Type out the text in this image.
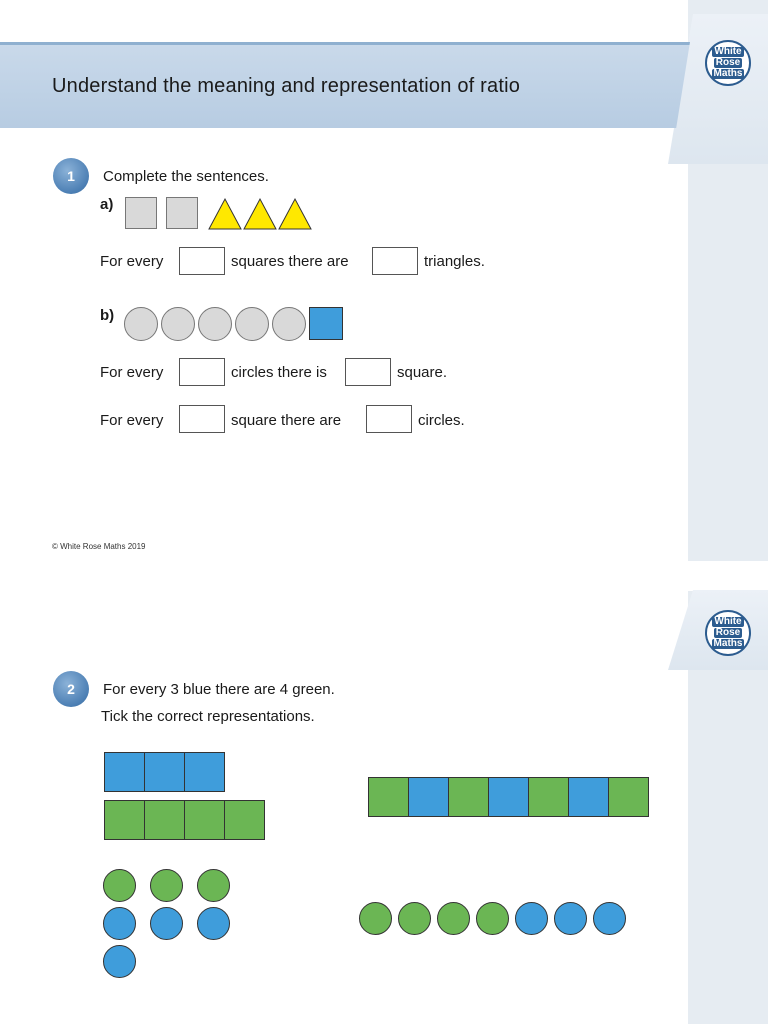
White
Rose
Maths
Understand the meaning and representation of ratio
1	Complete the sentences.
a)
For every	squares there are	triangles.
b)
For every	circles there is	square.
For every	square there are	circles.
© White Rose Maths 2019
White
Rose
Maths
2	For every 3 blue there are 4 green.
Tick the correct representations.
